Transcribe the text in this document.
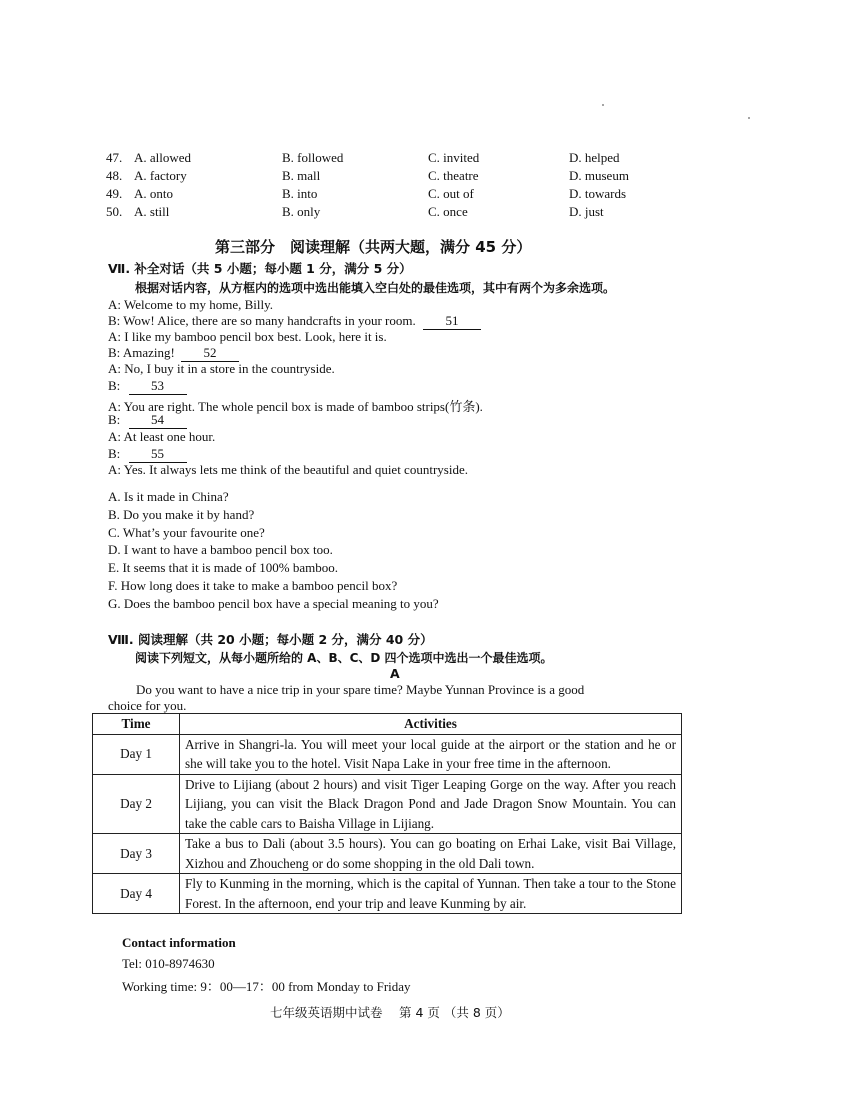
47. A. allowed	B. followed	C. invited	D. helped
48. A. factory	B. mall	C. theatre	D. museum
49. A. onto	B. into	C. out of	D. towards
50. A. still	B. only	C. once	D. just
第三部分　阅读理解（共两大题，满分 45 分）
Ⅶ. 补全对话（共 5 小题；每小题 1 分，满分 5 分）
根据对话内容，从方框内的选项中选出能填入空白处的最佳选项，其中有两个为多余选项。
A: Welcome to my home, Billy.
B: Wow! Alice, there are so many handcrafts in your room. 51
A: I like my bamboo pencil box best. Look, here it is.
B: Amazing! 52
A: No, I buy it in a store in the countryside.
B: 53
A: You are right. The whole pencil box is made of bamboo strips(竹条).
B: 54
A: At least one hour.
B: 55
A: Yes. It always lets me think of the beautiful and quiet countryside.
A. Is it made in China?
B. Do you make it by hand?
C. What’s your favourite one?
D. I want to have a bamboo pencil box too.
E. It seems that it is made of 100% bamboo.
F. How long does it take to make a bamboo pencil box?
G. Does the bamboo pencil box have a special meaning to you?
Ⅷ. 阅读理解（共 20 小题；每小题 2 分，满分 40 分）
阅读下列短文，从每小题所给的 A、B、C、D 四个选项中选出一个最佳选项。
A
Do you want to have a nice trip in your spare time? Maybe Yunnan Province is a good
choice for you.
Time	Activities
Day 1	Arrive in Shangri-la. You will meet your local guide at the airport or the station and he or she will take you to the hotel. Visit Napa Lake in your free time in the afternoon.
Day 2	Drive to Lijiang (about 2 hours) and visit Tiger Leaping Gorge on the way. After you reach Lijiang, you can visit the Black Dragon Pond and Jade Dragon Snow Mountain. You can take the cable cars to Baisha Village in Lijiang.
Day 3	Take a bus to Dali (about 3.5 hours). You can go boating on Erhai Lake, visit Bai Village, Xizhou and Zhoucheng or do some shopping in the old Dali town.
Day 4	Fly to Kunming in the morning, which is the capital of Yunnan. Then take a tour to the Stone Forest. In the afternoon, end your trip and leave Kunming by air.
Contact information
Tel: 010-8974630
Working time: 9：00—17：00 from Monday to Friday
七年级英语期中试卷　 第 4 页 （共 8 页）
